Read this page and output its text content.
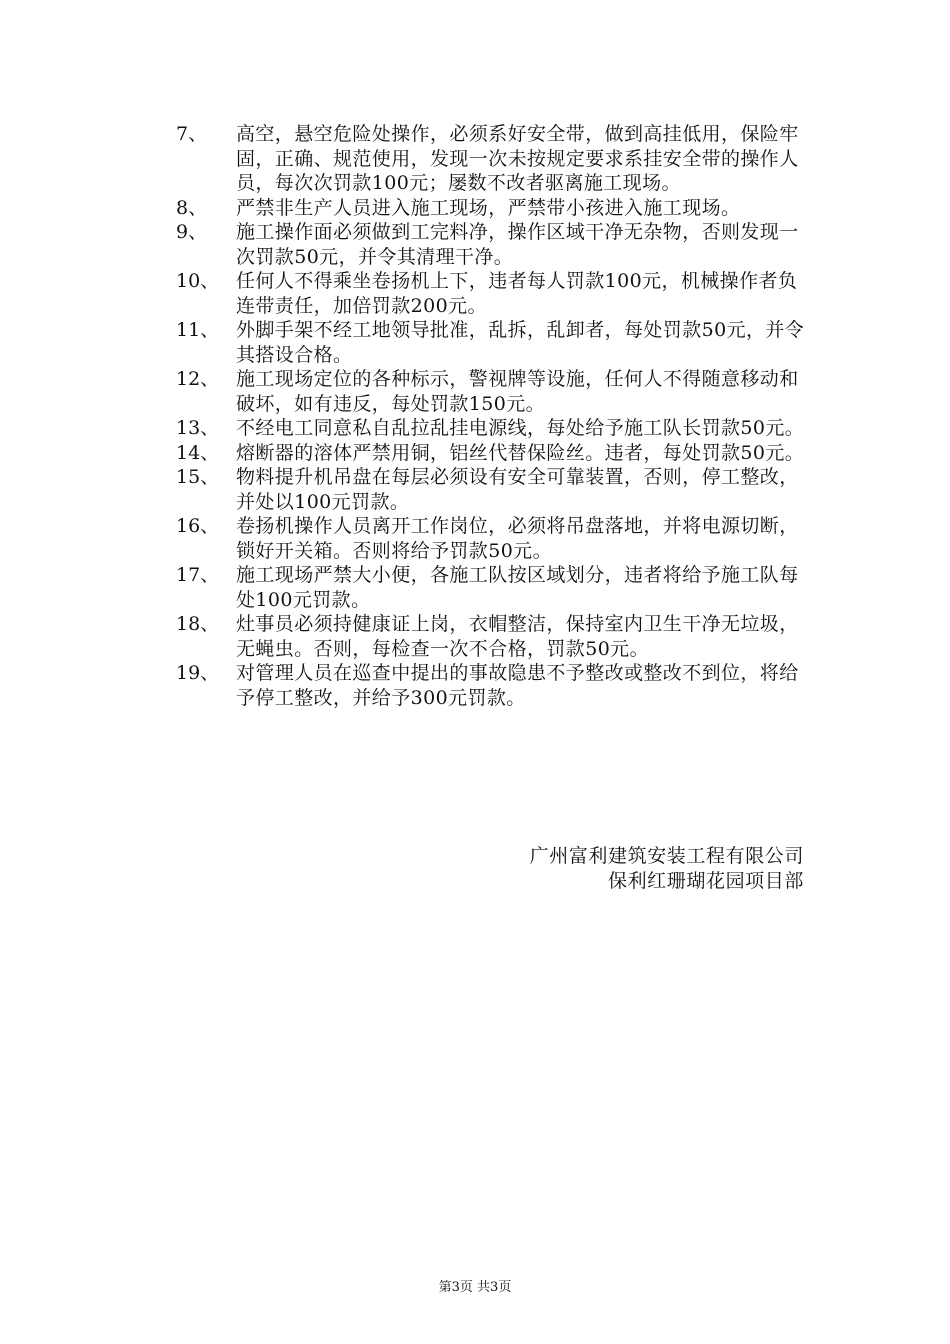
7、	高空，悬空危险处操作，必须系好安全带，做到高挂低用，保险牢固，正确、规范使用，发现一次未按规定要求系挂安全带的操作人员，每次次罚款100元；屡数不改者驱离施工现场。
8、	严禁非生产人员进入施工现场，严禁带小孩进入施工现场。
9、	施工操作面必须做到工完料净，操作区域干净无杂物，否则发现一次罚款50元，并令其清理干净。
10、 任何人不得乘坐卷扬机上下，违者每人罚款100元，机械操作者负连带责任，加倍罚款200元。
11、 外脚手架不经工地领导批准，乱拆，乱卸者，每处罚款50元，并令其搭设合格。
12、 施工现场定位的各种标示，警视牌等设施，任何人不得随意移动和破坏，如有违反，每处罚款150元。
13、 不经电工同意私自乱拉乱挂电源线，每处给予施工队长罚款50元。
14、 熔断器的溶体严禁用铜，铝丝代替保险丝。违者，每处罚款50元。
15、 物料提升机吊盘在每层必须设有安全可靠装置，否则，停工整改，并处以100元罚款。
16、 卷扬机操作人员离开工作岗位，必须将吊盘落地，并将电源切断，锁好开关箱。否则将给予罚款50元。
17、 施工现场严禁大小便，各施工队按区域划分，违者将给予施工队每处100元罚款。
18、 灶事员必须持健康证上岗，衣帽整洁，保持室内卫生干净无垃圾，无蝇虫。否则，每检查一次不合格，罚款50元。
19、 对管理人员在巡查中提出的事故隐患不予整改或整改不到位，将给予停工整改，并给予300元罚款。
广州富利建筑安装工程有限公司
保利红珊瑚花园项目部
第3页 共3页
